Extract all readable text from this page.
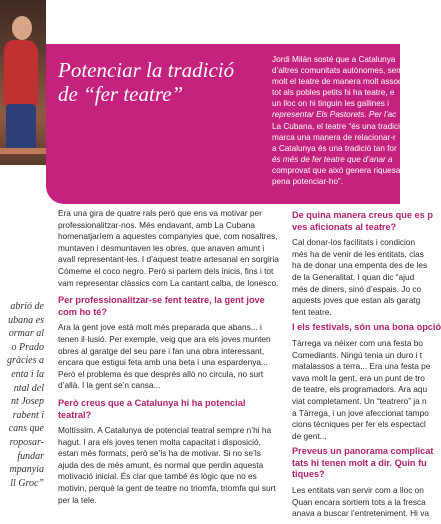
Potenciar la tradició
de “fer teatre”
Jordi Milán sosté que a Catalunya
d’altres comunitats autònomes, sem
molt el teatre de manera molt assoc
tot als pobles petits hi ha teatre, e
un lloc on hi tinguin les gallines i
representar Els Pastorets. Per l’ac
La Cubana, el teatre “és una tradici
marca una manera de relacionar-r
a Catalunya és una tradició tan for
és més de fer teatre que d’anar a
comprovat que això genera riquesa
pena potenciar-ho”.
abrió de
ubana es
ormar al
o Prado
gràcies a
enta i la
ntal del
nt Josep
rabent i
cans que
roposar-
fundar
mpanyia
ll Groc”

Era una gira de quatre rals però que ens va motivar per professionalitzar-nos. Més endavant, amb La Cubana homenatjaríem a aquestes companyies que, com nosaltres, muntaven i desmuntaven les obres, que anaven amunt i avall representant-les. I d’aquest teatre artesanal en sorgiria Cómeme el coco negro. Però si parlem dels inicis, fins i tot vam representar clàssics com La cantant calba, de Ionesco.

Per professionalitzar-se fent teatre, la gent jove com ho té?

Ara la gent jove està molt més preparada que abans... i tenen il·lusió. Per exemple, veig que ara els joves munten obres al garatge del seu pare i fan una obra interessant, encara que estigui feta amb una beta i una espardenya... Però el problema és que després allò no circula, no surt d’allà. I la gent se’n cansa...

Però creus que a Catalunya hi ha potencial teatral?

Moltíssim. A Catalunya de potencial teatral sempre n’hi ha hagut. I ara els joves tenen molta capacitat i disposició, estan més formats, però se’ls ha de motivar. Si no se’ls ajuda des de més amunt, és normal que perdin aquesta motivació inicial. És clar que també és lògic que no es motivin, perquè la gent de teatre no triomfa, triomfa qui surt per la tele.

De quina manera creus que es p
ves aficionats al teatre?

Cal donar-los facilitats i condicion
més ha de venir de les entitats, clas
ha de donar una empenta des de les
de la Generalitat. I quan dic “ajud
més de diners, sinó d’espais. Jo co
aquests joves que estan als garatg
fent teatre.

I els festivals, són una bona opció

Tàrrega va néixer com una festa bo
Comediants. Ningú tenia un duro i t
matalassos a terra... Era una festa pe
vava molt la gent, era un punt de tro
de teatre, els programadors. Ara aqu
viat completament. Un “teatrero” ja n
a Tàrrega, i un jove afeccionat tampo
cions tècniques per fer els espectacl
de gent...

Preveus un panorama complicat
tats hi tenen molt a dir. Quin fu
tiques?

Les entitats van servir com a lloc on
Quan encara sortiem tots a la fresca
anava a buscar l’entreteniment. Hi va
